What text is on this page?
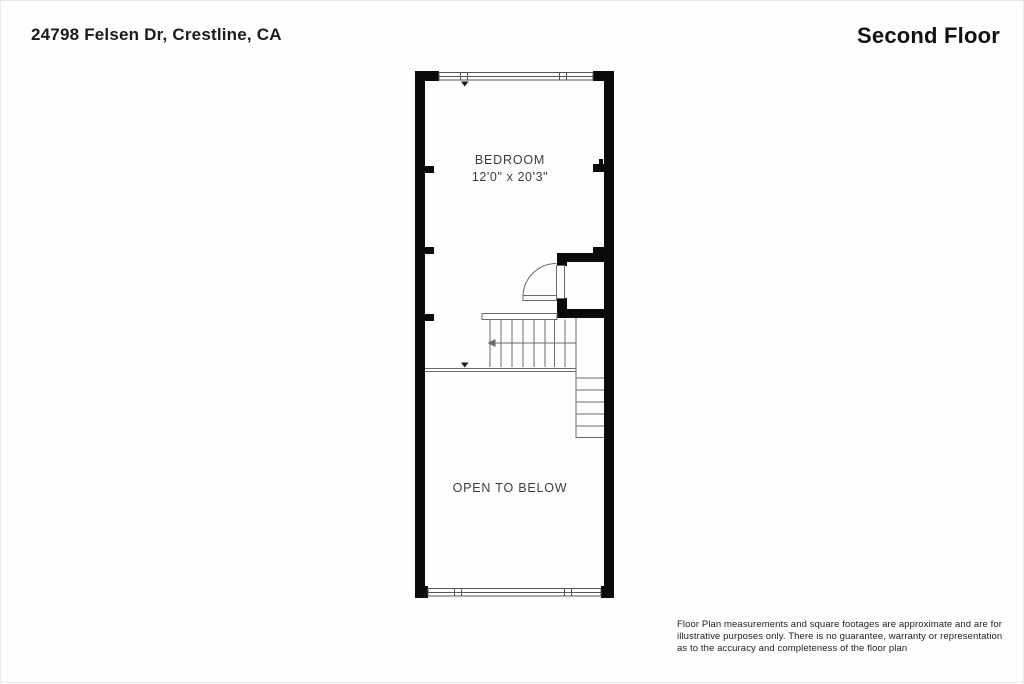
24798 Felsen Dr, Crestline, CA	Second Floor
BEDROOM
12'0" x 20'3"
OPEN TO BELOW
Floor Plan measurements and square footages are approximate and are for
illustrative purposes only. There is no guarantee, warranty or representation
as to the accuracy and completeness of the floor plan
